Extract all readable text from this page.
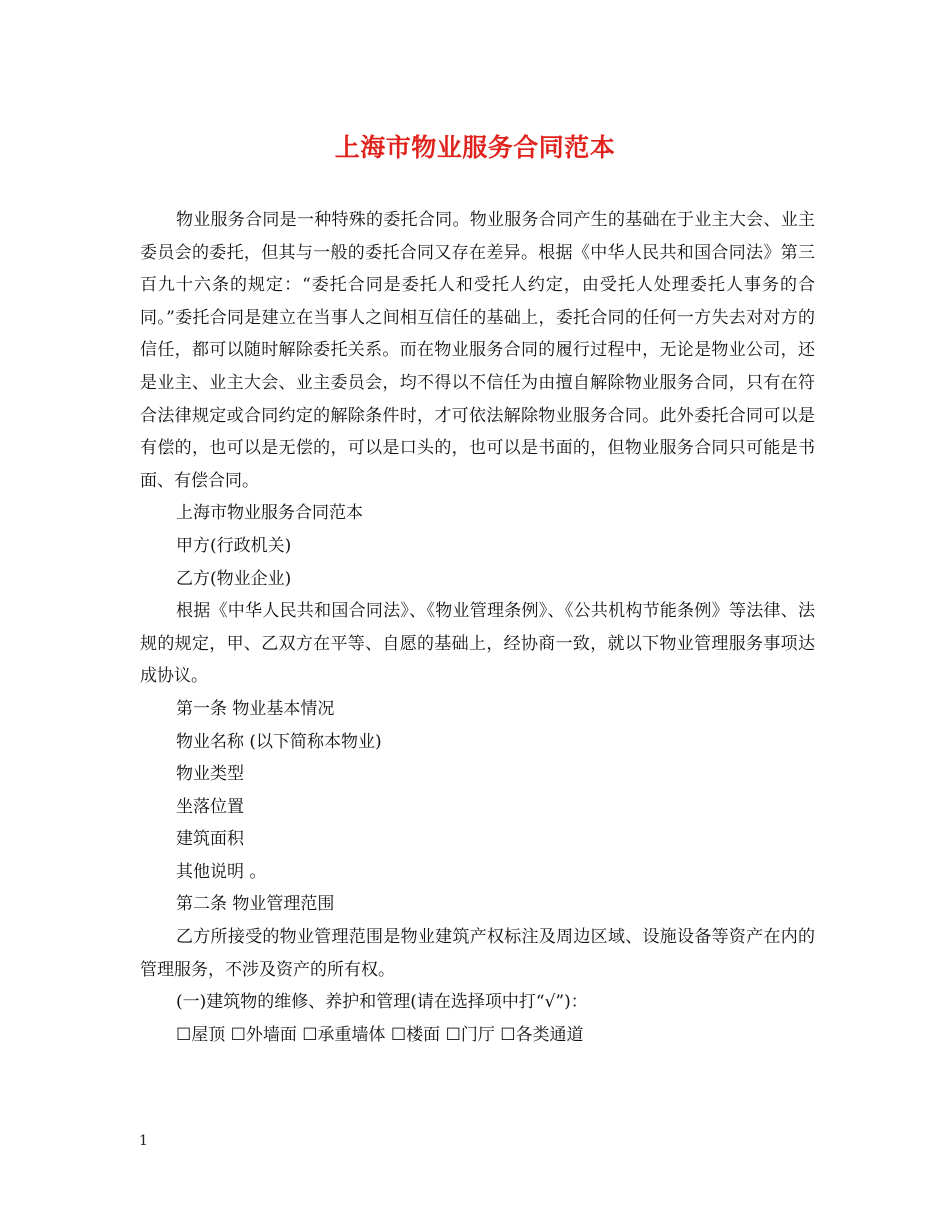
上海市物业服务合同范本

物业服务合同是一种特殊的委托合同。物业服务合同产生的基础在于业主大会、业主委员会的委托，但其与一般的委托合同又存在差异。根据《中华人民共和国合同法》第三百九十六条的规定：“委托合同是委托人和受托人约定，由受托人处理委托人事务的合同。”委托合同是建立在当事人之间相互信任的基础上，委托合同的任何一方失去对对方的信任，都可以随时解除委托关系。而在物业服务合同的履行过程中，无论是物业公司，还是业主、业主大会、业主委员会，均不得以不信任为由擅自解除物业服务合同，只有在符合法律规定或合同约定的解除条件时，才可依法解除物业服务合同。此外委托合同可以是有偿的，也可以是无偿的，可以是口头的，也可以是书面的，但物业服务合同只可能是书面、有偿合同。

上海市物业服务合同范本

甲方(行政机关)

乙方(物业企业)

根据《中华人民共和国合同法》、《物业管理条例》、《公共机构节能条例》等法律、法规的规定，甲、乙双方在平等、自愿的基础上，经协商一致，就以下物业管理服务事项达成协议。

第一条 物业基本情况

物业名称 (以下简称本物业)

物业类型

坐落位置

建筑面积

其他说明 。

第二条 物业管理范围

乙方所接受的物业管理范围是物业建筑产权标注及周边区域、设施设备等资产在内的管理服务，不涉及资产的所有权。

(一)建筑物的维修、养护和管理(请在选择项中打“√”)：

☐屋顶 ☐外墙面 ☐承重墙体 ☐楼面 ☐门厅 ☐各类通道

1
